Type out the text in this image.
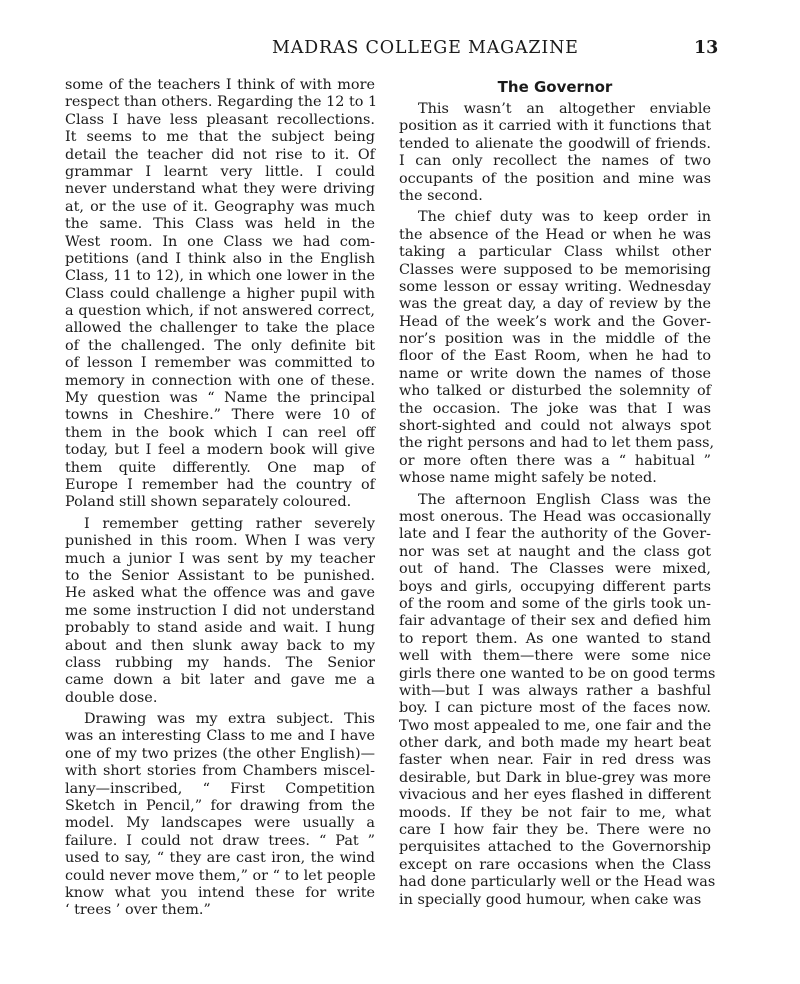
MADRAS COLLEGE MAGAZINE	13
some of the teachers I think of with more
respect than others. Regarding the 12 to 1
Class I have less pleasant recollections.
It seems to me that the subject being
detail the teacher did not rise to it. Of
grammar I learnt very little. I could
never understand what they were driving
at, or the use of it. Geography was much
the same. This Class was held in the
West room. In one Class we had com-
petitions (and I think also in the English
Class, 11 to 12), in which one lower in the
Class could challenge a higher pupil with
a question which, if not answered correct,
allowed the challenger to take the place
of the challenged. The only definite bit
of lesson I remember was committed to
memory in connection with one of these.
My question was “ Name the principal
towns in Cheshire.” There were 10 of
them in the book which I can reel off
today, but I feel a modern book will give
them quite differently. One map of
Europe I remember had the country of
Poland still shown separately coloured.
I remember getting rather severely
punished in this room. When I was very
much a junior I was sent by my teacher
to the Senior Assistant to be punished.
He asked what the offence was and gave
me some instruction I did not understand
probably to stand aside and wait. I hung
about and then slunk away back to my
class rubbing my hands. The Senior
came down a bit later and gave me a
double dose.
Drawing was my extra subject. This
was an interesting Class to me and I have
one of my two prizes (the other English)—
with short stories from Chambers miscel-
lany—inscribed, “ First Competition
Sketch in Pencil,” for drawing from the
model. My landscapes were usually a
failure. I could not draw trees. “ Pat ”
used to say, “ they are cast iron, the wind
could never move them,” or “ to let people
know what you intend these for write
‘ trees ’ over them.”
The Governor
This wasn’t an altogether enviable
position as it carried with it functions that
tended to alienate the goodwill of friends.
I can only recollect the names of two
occupants of the position and mine was
the second.
The chief duty was to keep order in
the absence of the Head or when he was
taking a particular Class whilst other
Classes were supposed to be memorising
some lesson or essay writing. Wednesday
was the great day, a day of review by the
Head of the week’s work and the Gover-
nor’s position was in the middle of the
floor of the East Room, when he had to
name or write down the names of those
who talked or disturbed the solemnity of
the occasion. The joke was that I was
short-sighted and could not always spot
the right persons and had to let them pass,
or more often there was a “ habitual ”
whose name might safely be noted.
The afternoon English Class was the
most onerous. The Head was occasionally
late and I fear the authority of the Gover-
nor was set at naught and the class got
out of hand. The Classes were mixed,
boys and girls, occupying different parts
of the room and some of the girls took un-
fair advantage of their sex and defied him
to report them. As one wanted to stand
well with them—there were some nice
girls there one wanted to be on good terms
with—but I was always rather a bashful
boy. I can picture most of the faces now.
Two most appealed to me, one fair and the
other dark, and both made my heart beat
faster when near. Fair in red dress was
desirable, but Dark in blue-grey was more
vivacious and her eyes flashed in different
moods. If they be not fair to me, what
care I how fair they be. There were no
perquisites attached to the Governorship
except on rare occasions when the Class
had done particularly well or the Head was
in specially good humour, when cake was
